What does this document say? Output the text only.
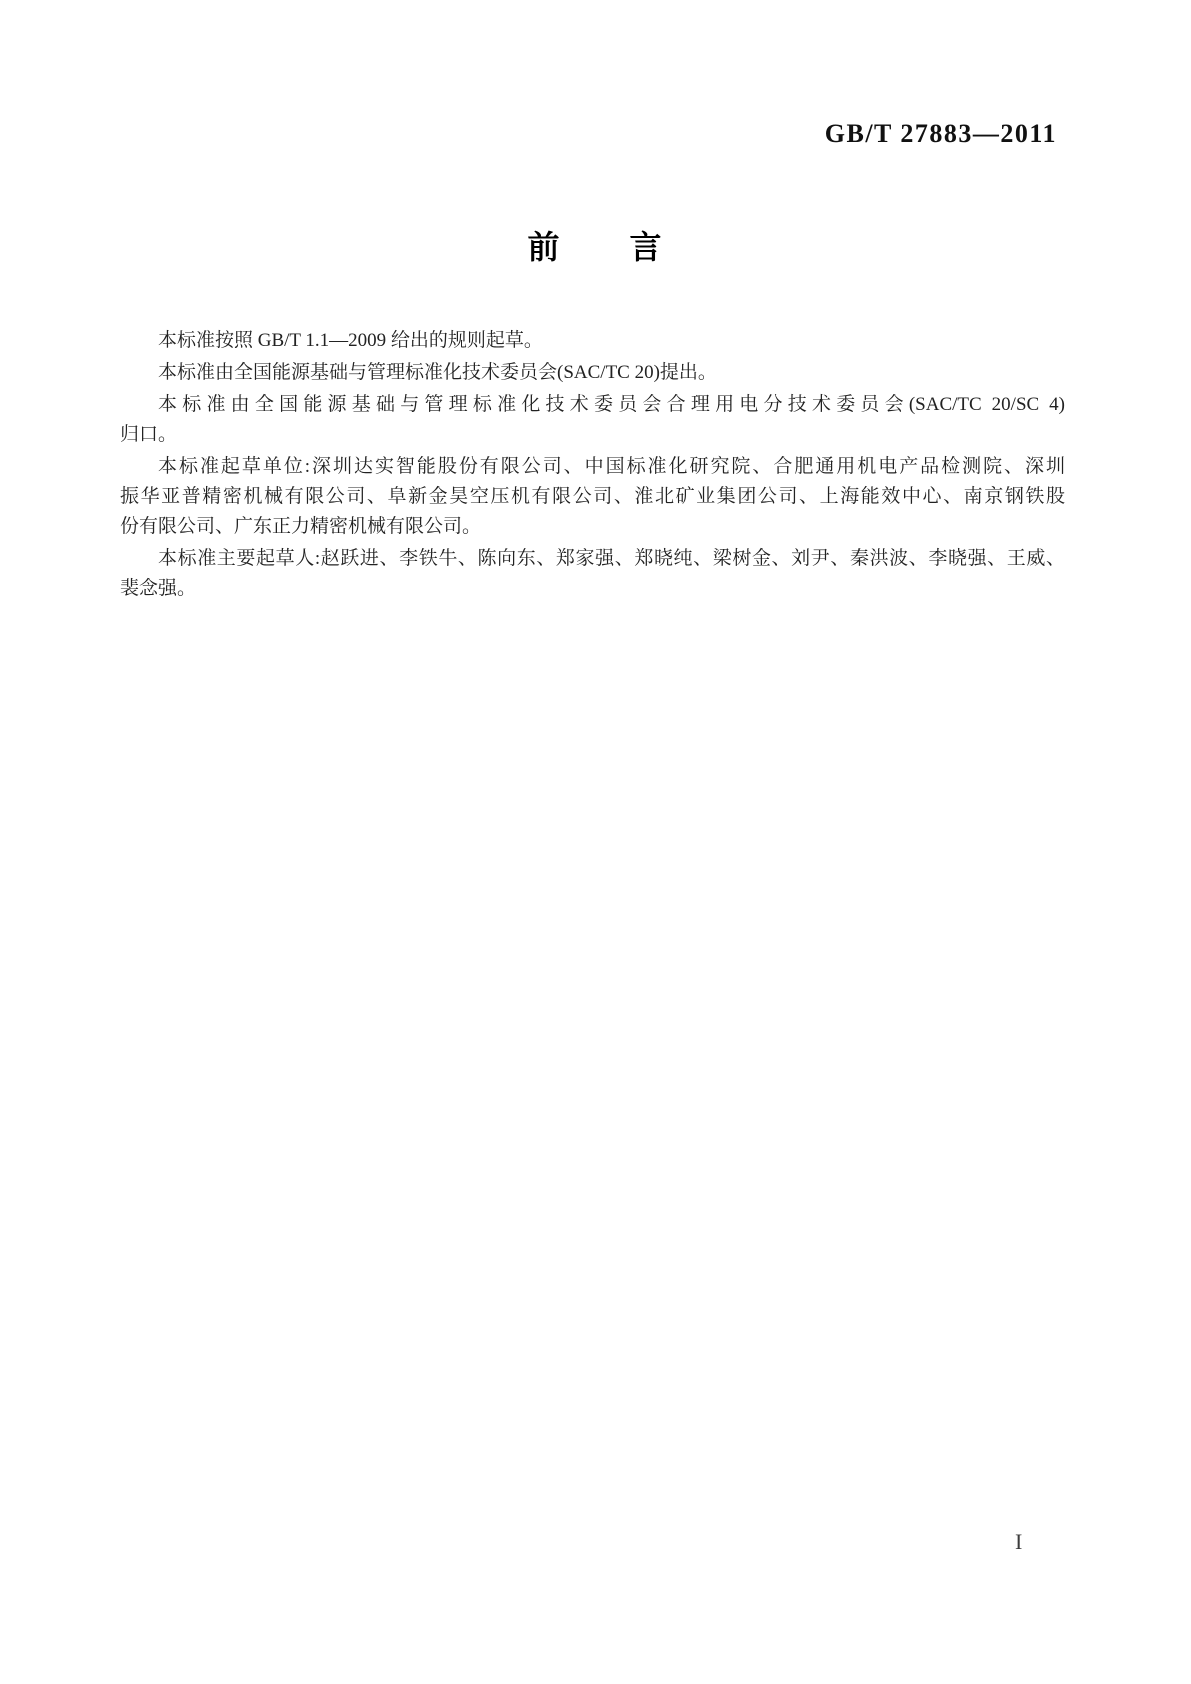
GB/T 27883—2011
前　　言
本标准按照 GB/T 1.1—2009 给出的规则起草。
本标准由全国能源基础与管理标准化技术委员会(SAC/TC 20)提出。
本标准由全国能源基础与管理标准化技术委员会合理用电分技术委员会(SAC/TC 20/SC 4)
归口。
本标准起草单位:深圳达实智能股份有限公司、中国标准化研究院、合肥通用机电产品检测院、深圳
振华亚普精密机械有限公司、阜新金昊空压机有限公司、淮北矿业集团公司、上海能效中心、南京钢铁股
份有限公司、广东正力精密机械有限公司。
本标准主要起草人:赵跃进、李铁牛、陈向东、郑家强、郑晓纯、梁树金、刘尹、秦洪波、李晓强、王威、
裴念强。
I
